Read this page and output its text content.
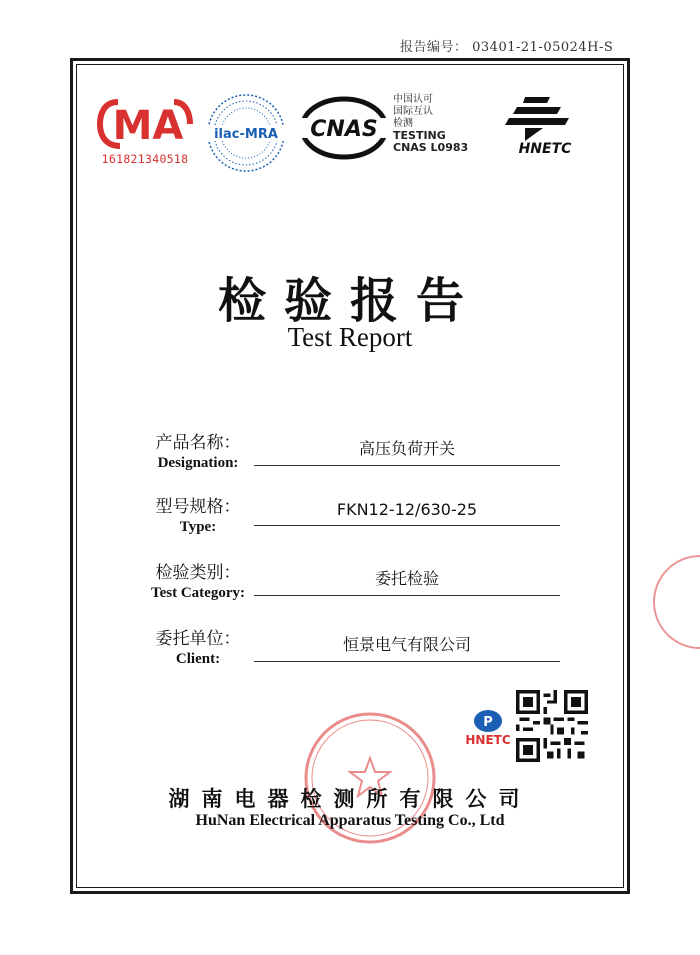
报告编号： 03401-21-05024H-S
MA
161821340518
ilac-MRA CNAS
中国认可
国际互认
检测
TESTING
CNAS L0983	HNETC
检验报告
Test Report
产品名称：
Designation:
高压负荷开关
型号规格：
Type:
FKN12-12/630-25
检验类别：
Test Category:
委托检验
委托单位：
Client:
恒景电气有限公司
P
HNETC
湖南电器检测所有限公司
HuNan Electrical Apparatus Testing Co., Ltd
